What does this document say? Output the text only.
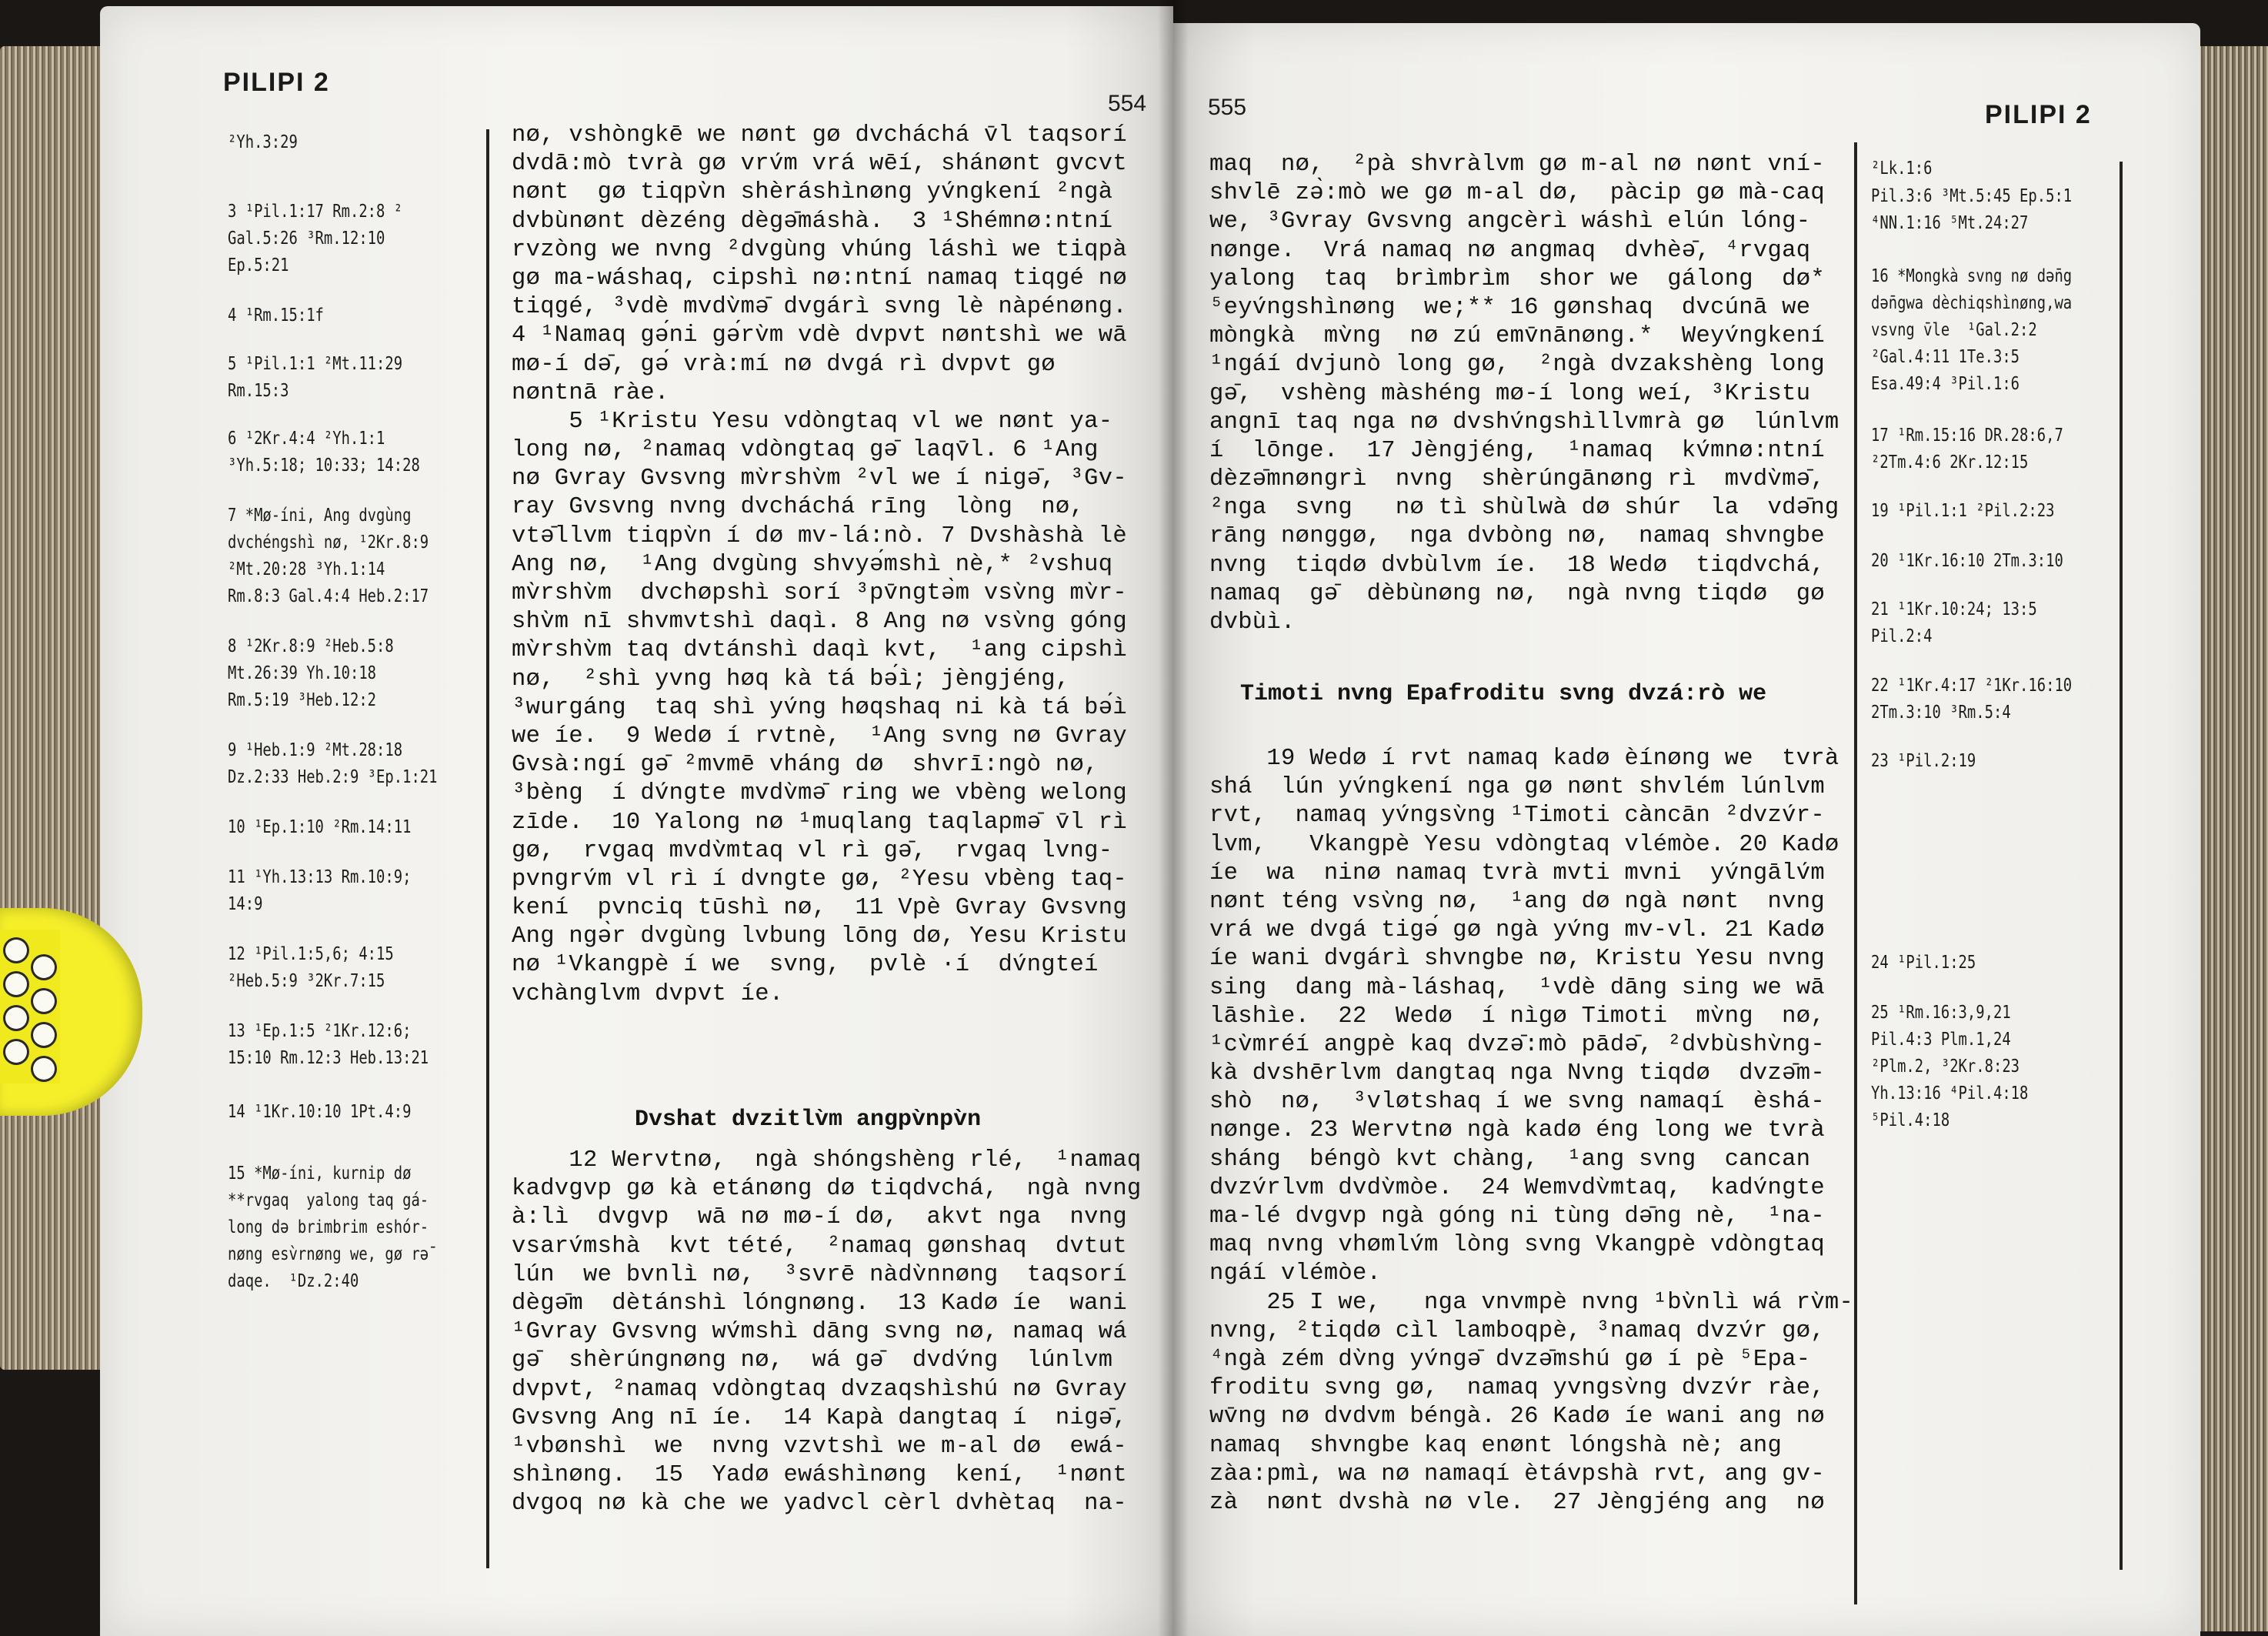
PILIPI 2
554
²Yh.3:29
3 ¹Pil.1:17 Rm.2:8 ²
Gal.5:26 ³Rm.12:10
Ep.5:21
4 ¹Rm.15:1f
5 ¹Pil.1:1 ²Mt.11:29
Rm.15:3
6 ¹2Kr.4:4 ²Yh.1:1
³Yh.5:18; 10:33; 14:28
7 *Mø-íni, Ang dvgùng
dvchéngshì nø, ¹2Kr.8:9
²Mt.20:28 ³Yh.1:14
Rm.8:3 Gal.4:4 Heb.2:17
8 ¹2Kr.8:9 ²Heb.5:8
Mt.26:39 Yh.10:18
Rm.5:19 ³Heb.12:2
9 ¹Heb.1:9 ²Mt.28:18
Dz.2:33 Heb.2:9 ³Ep.1:21
10 ¹Ep.1:10 ²Rm.14:11
11 ¹Yh.13:13 Rm.10:9;
14:9
12 ¹Pil.1:5,6; 4:15
²Heb.5:9 ³2Kr.7:15
13 ¹Ep.1:5 ²1Kr.12:6;
15:10 Rm.12:3 Heb.13:21
14 ¹1Kr.10:10 1Pt.4:9
15 *Mø-íni, kurnip dø
**rvgaq  yalong taq gá-
long dǝ brimbrim eshór-
nøng esv̀rnøng we, gø rǝ̄
daqe.  ¹Dz.2:40
nø, vshòngkē we nønt gø dvcháchá v̄l taqsorí
dvdā:mò tvrà gø vrv́m vrá wēí, shánønt gvcvt
nønt  gø tiqpv̀n shèráshìnøng yv́ngkení ²ngà
dvbùnønt dèzéng dègǝ̄máshà.  3 ¹Shémnø:ntní
rvzòng we nvng ²dvgùng vhúng láshì we tiqpà
gø ma-wáshaq, cipshì nø:ntní namaq tiqgé nø
tiqgé, ³vdè mvdv̀mǝ̄ dvgárì svng lè nàpénøng.
4 ¹Namaq gǝ́ni gǝ́rv̀m vdè dvpvt nøntshì we wā
mø-í dǝ̄, gǝ́ vrà:mí nø dvgá rì dvpvt gø
nøntnā ràe.
5 ¹Kristu Yesu vdòngtaq vl we nønt ya-
long nø, ²namaq vdòngtaq gǝ̄ laqv̄l. 6 ¹Ang
nø Gvray Gvsvng mv̀rshv̀m ²vl we í nigǝ̄, ³Gv-
ray Gvsvng nvng dvcháchá rīng  lòng  nø,
vtǝ̄llvm tiqpv̀n í dø mv-lá:nò. 7 Dvshàshà lè
Ang nø,  ¹Ang dvgùng shvyǝ́mshì nè,* ²vshuq
mv̀rshv̀m  dvchøpshì sorí ³pv̄ngtǝ̀m vsv̀ng mv̀r-
shv̀m nī shvmvtshì daqì. 8 Ang nø vsv̀ng góng
mv̀rshv̀m taq dvtánshì daqì kvt,  ¹ang cipshì
nø,  ²shì yvng høq kà tá bǝ́ì; jèngjéng,
³wurgáng  taq shì yv́ng høqshaq ni kà tá bǝ́ì
we íe.  9 Wedø í rvtnè,  ¹Ang svng nø Gvray
Gvsà:ngí gǝ̄ ²mvmē vháng dø  shvrī:ngò nø,
³bèng  í dv́ngte mvdv̀mǝ̄ ring we vbèng welong
zīde.  10 Yalong nø ¹muqlang taqlapmǝ̄ v̄l rì
gø,  rvgaq mvdv̀mtaq vl rì gǝ̄,  rvgaq lvng-
pvngrv́m vl rì í dvngte gø, ²Yesu vbèng taq-
kení  pvnciq tūshì nø,  11 Vpè Gvray Gvsvng
Ang ngǝ̀r dvgùng lvbung lōng dø, Yesu Kristu
nø ¹Vkangpè í we  svng,  pvlè ·í  dv́ngteí
vchànglvm dvpvt íe.
Dvshat dvzitlv̀m angpv̀npv̀n
12 Wervtnø,  ngà shóngshèng rlé,  ¹namaq
kadvgvp gø kà etánøng dø tiqdvchá,  ngà nvng
à:lì  dvgvp  wā nø mø-í dø,  akvt nga  nvng
vsarv́mshà  kvt tété,  ²namaq gønshaq  dvtut
lún  we bvnlì nø,  ³svrē nàdv̀nnøng  taqsorí
dègǝ̄m  dètánshì lóngnøng.  13 Kadø íe  wani
¹Gvray Gvsvng wv́mshì dāng svng nø, namaq wá
gǝ̄  shèrúngnøng nø,  wá gǝ̄  dvdv́ng  lúnlvm
dvpvt, ²namaq vdòngtaq dvzaqshìshú nø Gvray
Gvsvng Ang nī íe.  14 Kapà dangtaq í  nigǝ̄,
¹vbønshì  we  nvng vzvtshì we m-al dø  ewá-
shìnøng.  15  Yadø ewáshìnøng  kení,  ¹nønt
dvgoq nø kà che we yadvcl cèrl dvhètaq  na-
555	PILIPI 2
maq  nø,  ²pà shvràlvm gø m-al nø nønt vní-
shvlē zǝ̀:mò we gø m-al dø,  pàcip gø mà-caq
we, ³Gvray Gvsvng angcèrì wáshì elún lóng-
nønge.  Vrá namaq nø angmaq  dvhèǝ̄, ⁴rvgaq
yalong  taq  brìmbrìm  shor we  gálong  dø*
⁵eyv́ngshìnøng  we;** 16 gønshaq  dvcúnā we
mòngkà  mv̀ng  nø zú emv̄nānøng.*  Weyv́ngkení
¹ngáí dvjunò long gø,  ²ngà dvzakshèng long
gǝ̄,  vshèng màshéng mø-í long weí, ³Kristu
angnī taq nga nø dvshv́ngshìllvmrà gø  lúnlvm
í  lōnge.  17 Jèngjéng,  ¹namaq  kv́mnø:ntní
dèzǝ̄mnøngrì  nvng  shèrúngānøng rì  mvdv̀mǝ̄,
²nga  svng   nø tì shùlwà dø shúr  la  vdǝ̄ng
rāng nønggø,  nga dvbòng nø,  namaq shvngbe
nvng  tiqdø dvbùlvm íe.  18 Wedø  tiqdvchá,
namaq  gǝ̄  dèbùnøng nø,  ngà nvng tiqdø  gø
dvbùì.
Timoti nvng Epafroditu svng dvzá:rò we
19 Wedø í rvt namaq kadø èínøng we  tvrà
shá  lún yv́ngkení nga gø nønt shvlém lúnlvm
rvt,  namaq yv́ngsv̀ng ¹Timoti càncān ²dvzv́r-
lvm,   Vkangpè Yesu vdòngtaq vlémòe. 20 Kadø
íe  wa  ninø namaq tvrà mvti mvni  yv́ngālv́m
nønt téng vsv̀ng nø,  ¹ang dø ngà nønt  nvng
vrá we dvgá tigǝ́ gø ngà yv́ng mv-vl. 21 Kadø
íe wani dvgárì shvngbe nø, Kristu Yesu nvng
sing  dang mà-láshaq,  ¹vdè dāng sing we wā
lāshìe.  22  Wedø  í nìgø Timoti  mv̀ng  nø,
¹cv̀mréí angpè kaq dvzǝ̄:mò pādǝ̄, ²dvbùshv̀ng-
kà dvshērlvm dangtaq nga Nvng tiqdø  dvzǝ̄m-
shò  nø,  ³vløtshaq í we svng namaqí  èshá-
nønge. 23 Wervtnø ngà kadø éng long we tvrà
sháng  béngò kvt chàng,  ¹ang svng  cancan
dvzv́rlvm dvdv̀mòe.  24 Wemvdv̀mtaq,  kadv́ngte
ma-lé dvgvp ngà góng ni tùng dǝ̄ng nè,  ¹na-
maq nvng vhømlv́m lòng svng Vkangpè vdòngtaq
ngáí vlémòe.
25 I we,   nga vnvmpè nvng ¹bv̀nlì wá rv̀m-
nvng, ²tiqdø cìl lamboqpè, ³namaq dvzv́r gø,
⁴ngà zém dv̀ng yv́ngǝ̄ dvzǝ̄mshú gø í pè ⁵Epa-
froditu svng gø,  namaq yvngsv̀ng dvzv́r ràe,
wv̄ng nø dvdvm béngà. 26 Kadø íe wani ang nø
namaq  shvngbe kaq enønt lóngshà nè; ang
zàa:pmì, wa nø namaqí ètávpshà rvt, ang gv-
zà  nønt dvshà nø vle.  27 Jèngjéng ang  nø
²Lk.1:6
Pil.3:6 ³Mt.5:45 Ep.5:1
⁴NN.1:16 ⁵Mt.24:27
16 *Mongkà svng nø dǝ̄ng
dǝ̄ngwa dèchiqshìnøng,wa
vsvng v̄le  ¹Gal.2:2
²Gal.4:11 1Te.3:5
Esa.49:4 ³Pil.1:6
17 ¹Rm.15:16 DR.28:6,7
²2Tm.4:6 2Kr.12:15
19 ¹Pil.1:1 ²Pil.2:23
20 ¹1Kr.16:10 2Tm.3:10
21 ¹1Kr.10:24; 13:5
Pil.2:4
22 ¹1Kr.4:17 ²1Kr.16:10
2Tm.3:10 ³Rm.5:4
23 ¹Pil.2:19
24 ¹Pil.1:25
25 ¹Rm.16:3,9,21
Pil.4:3 Plm.1,24
²Plm.2, ³2Kr.8:23
Yh.13:16 ⁴Pil.4:18
⁵Pil.4:18
